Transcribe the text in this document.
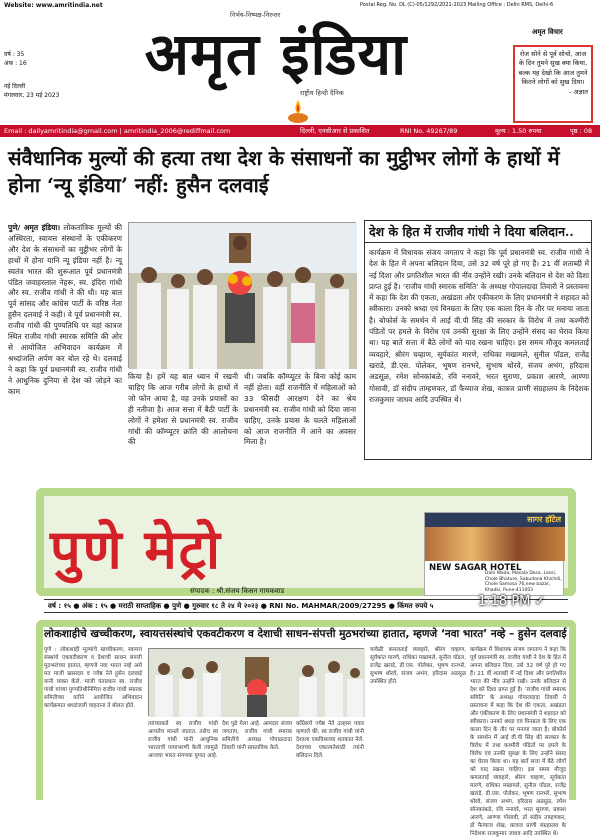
Website: www.amritindia.net	Postal Reg. No. DL (C)-05/1292/2021-2023 Mailing Office : Delhi RMS, Delhi-6
निर्भय-निष्पक्ष-निरन्तर
अमृत इंडिया
राष्ट्रीय हिन्दी दैनिक
वर्ष : 35
अंक : 16
नई दिल्ली
मंगलवार, 23 मई 2023
अमृत विचार
रोज सोने से पूर्व सोचो, आज के दिन तुमने सुख क्या किया, बल्क यह देखो कि आज तुमने कितने लोगों को सुख दिया।
- अज्ञात
Email : dailyamritindia@gmail.com | amritindia_2006@rediffmail.com	दिल्ली, एनसीआर से प्रकाशित	RNI No. 49267/89	मूल्य : 1.50 रुपया	पृष्ठ : 08
संवैधानिक मुल्यों की हत्या तथा देश के संसाधनों का मुट्ठीभर लोगों के हाथों में होना ‘न्यू इंडिया’ नहीं: हुसैन दलवाई
पुणे/ अमृत इंडिया। लोकतांत्रिक मूल्यों की अस्थिरता, स्वायत्त संस्थानों के एकीकरण और देश के संसाधनों का मुट्ठीभर लोगों के हाथों में होना यानि न्यू इंडिया नहीं है। न्यू स्वतंत्र भारत की शुरूआत पूर्व प्रधानमंत्री पंडित जवाहरलाल नेहरू, स्व. इंदिरा गांधी और स्व. राजीव गांधी ने की थी। यह बात पूर्व सांसद और कांग्रेस पार्टी के वरिष्ठ नेता हुसैन दलवाई ने कही। वे पूर्व प्रधानमंत्री स्व. राजीव गांधी की पुण्यतिथि पर यहां कात्रज स्थित राजीव गांधी स्मारक समिति की ओर से आयोजित अभिवादन कार्यक्रम में श्रध्दांजलि अर्पण कर बोल रहे थे। दलवाई ने कहा कि पूर्व प्रधानमंत्री स्व. राजीव गांधी ने आधुनिक दुनिया से देश को जोड़ने का काम
किया है। हमें यह बात ध्यान में रखनी चाहिए कि आज गरीब लोगों के हाथों में जो फोन आया है, वह उनके प्रयासों का ही नतीजा है। आज सत्ता में बैठी पार्टी के लोगों ने हमेशा से प्रधानमंत्री स्व. राजीव गांधी की कॉम्प्यूटर क्रांति की आलोचना की
थी। जबकि कॉम्प्यूटर के बिना कोई काम नहीं होता। वहीं राजनीति में महिलाओं को 33 फीसदी आरक्षण देने का श्रेय प्रधानमंत्री स्व. राजीव गांधी को दिया जाना चाहिए, उनके प्रयास के चलते महिलाओं को आज राजनीति में आने का अवसर मिला है।
देश के हित में राजीव गांधी ने दिया बलिदान..
कार्यक्रम में विधायक संजय जगताप ने कहा कि पूर्व प्रधानमंत्री स्व. राजीव गांधी ने देश के हित में अपना बलिदान दिया, उसे 32 वर्ष पूरे हो गए हैं। 21 वीं शताब्दी में नई दिशा और प्रगतिशील भारत की नींव उन्होंने रखी। उनके बलिदान से देश को दिशा प्राप्त हुई है। ‘राजीव गांधी स्मारक समिति’ के अध्यक्ष गोपालदादा तिवारी ने प्रस्तावना में कहा कि देश की एकता, अखंडता और एकीकरण के लिए प्रधानमंत्री ने शहादत को स्वीकारा। उनको श्रध्दा एवं विनम्रता के लिए एक काला दिन के तौर पर मनाया जाता है। बोफोर्स के समर्थन में आई वी.पी सिंह की सरकार के विरोध में तथा कश्मीरी पंडितों पर हमले के विरोध एवं उनकी सुरक्षा के लिए उन्होंने संसद का घेराव किया था। यह बातें सत्ता में बैठे लोगों को याद रखना चाहिए। इस समय मौजूद कमलताई व्यवहारे, श्रीरंग चव्हाण, सूर्यकांत मारणे, राधिका मखामले, सुनील पॉडल, राजेंद्र खराडे, डी.एस. पोलेकर, भूषण रानभरे, सुभाष थोरवे, संजय अभंग, हरिदास अडसूळ, रमेश सोनकांबळे, रवि ननावरे, भरत सुराणा, प्रकाश आरणे, आण्णा गोसावी, डॉ संदीप ताम्हणकर, डॉ फैय्याज शेख, कात्रज प्राणी संग्रहालय के निदेशक राजकुमार जाधव आदि उपस्थित थे।
पुणे मेट्रो
संपादक : श्री.संजय किसन गायकवाड
सागर हॉटेल
NEW SAGAR HOTEL
Dahi Wada, Masala Dosa, Lassi, Chole Bhature, Sabudana Khichdi, Chole Samosa 76,new bazar, Khadki, Pune-411003
वर्ष : १५ ● अंक : १५ ● मराठी साप्ताहिक ● पुणे ● गुरुवार १८ ते २४ मे २०२३ ● RNI No. MAHMAR/2009/27295 ● किंमत रुपये ५	1:18 PM ✓
लोकशाहीचे खच्चीकरण, स्वायत्तसंस्थांचे एकवटीकरण व देशाची साधन-संपत्ती मुठभरांच्या हातात, म्हणजे ‘नवा भारत’ नव्हे – हुसेन दलवाई
पुणे : लोकशाही मूल्यांचे खच्चीकरण, स्वायत्त संस्थांचे एकवटीकरण व देशाची साधन संपत्ती मुठभरांच्या हातात, म्हणजे नवा भारत नव्हे असे मत माजी खासदार व ज्येष्ठ नेते हुसेन दलवाई यांनी व्यक्त केले. माजी पंतप्रधान स्व. राजीव गांधी यांच्या पुण्यतिथीनिमित्त राजीव गांधी स्मारक समितीच्या वतीने आयोजित अभिवादन कार्यक्रमात श्रध्दांजली वाहताना ते बोलत होते.
त्यांच्याकडे स्व राजीव गांधी आपलेच मानले जातात. तसेच स्व राजीव गांधी यांनी आधुनिक भारताची पायाभरणी केली त्यामुळे आजचा भारत संगणक युगात आहे.
देश पुढे गेला आहे. आमदार संजय जगताप, राजीव गांधी स्मारक समितीचे अध्यक्ष गोपाळदादा तिवारी यांनी प्रास्ताविक केले.
काँग्रेसचे ज्येष्ठ नेते उल्हास पवार म्हणाले की, स्व राजीव गांधी यांनी देशाला एकविसाव्या शतकात नेले. देशाच्या एकात्मतेसाठी त्यांनी बलिदान दिले.
यावेळी कमलताई व्यवहारे, श्रीरंग चव्हाण, सूर्यकांत मारणे, राधिका मखामले, सुनील पॉडल, राजेंद्र खराडे, डी.एस. पोलेकर, भूषण रानभरे, सुभाष थोरवे, संजय अभंग, हरिदास अडसूळ उपस्थित होते.
कार्यक्रम में विधायक संजय जगताप ने कहा कि पूर्व प्रधानमंत्री स्व. राजीव गांधी ने देश के हित में अपना बलिदान दिया, उसे 32 वर्ष पूरे हो गए हैं। 21 वीं शताब्दी में नई दिशा और प्रगतिशील भारत की नींव उन्होंने रखी। उनके बलिदान से देश को दिशा प्राप्त हुई है। ‘राजीव गांधी स्मारक समिति’ के अध्यक्ष गोपालदादा तिवारी ने प्रस्तावना में कहा कि देश की एकता, अखंडता और एकीकरण के लिए प्रधानमंत्री ने शहादत को स्वीकारा। उनको श्रध्दा एवं विनम्रता के लिए एक काला दिन के तौर पर मनाया जाता है। बोफोर्स के समर्थन में आई वी.पी सिंह की सरकार के विरोध में तथा कश्मीरी पंडितों पर हमले के विरोध एवं उनकी सुरक्षा के लिए उन्होंने संसद का घेराव किया था। यह बातें सत्ता में बैठे लोगों को याद रखना चाहिए। इस समय मौजूद कमलताई व्यवहारे, श्रीरंग चव्हाण, सूर्यकांत मारणे, राधिका मखामले, सुनील पॉडल, राजेंद्र खराडे, डी.एस. पोलेकर, भूषण रानभरे, सुभाष थोरवे, संजय अभंग, हरिदास अडसूळ, रमेश सोनकांबळे, रवि ननावरे, भरत सुराणा, प्रकाश आरणे, आण्णा गोसावी, डॉ संदीप ताम्हणकर, डॉ फैय्याज शेख, कात्रज प्राणी संग्रहालय के निदेशक राजकुमार जाधव आदि उपस्थित थे।
